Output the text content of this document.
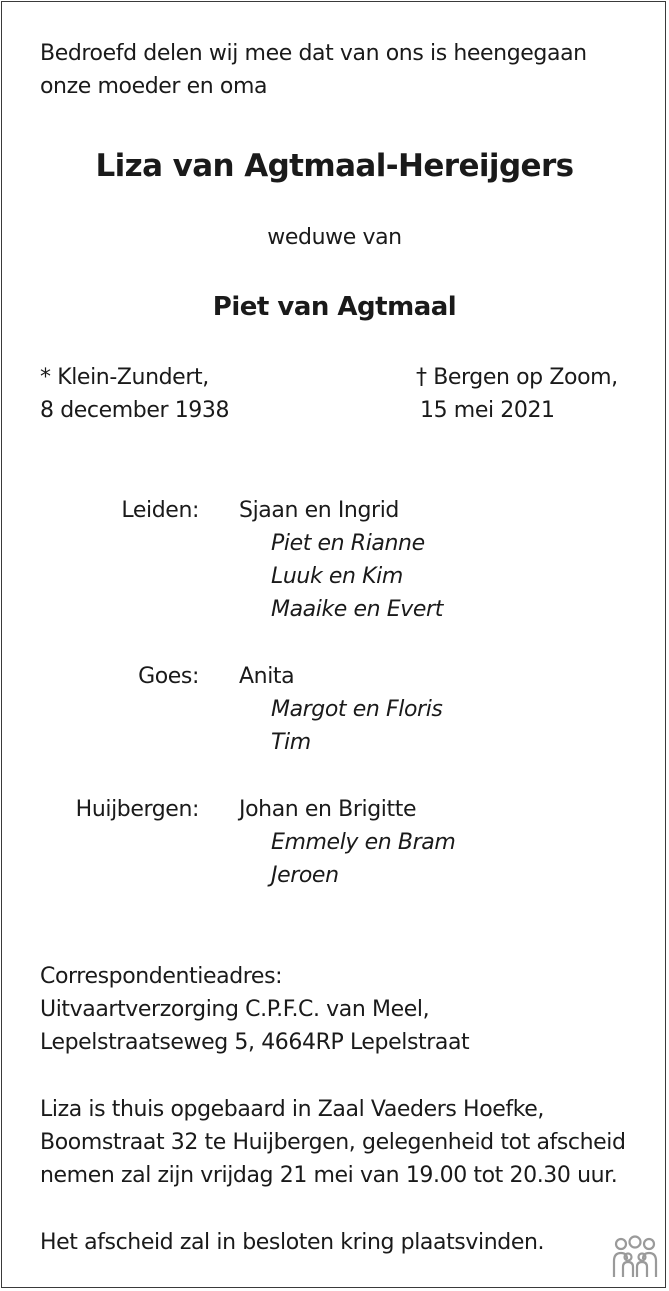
Bedroefd delen wij mee dat van ons is heengegaan
onze moeder en oma
Liza van Agtmaal-Hereijgers
weduwe van
Piet van Agtmaal
* Klein-Zundert,
8 december 1938
† Bergen op Zoom,
15 mei 2021
Leiden: Sjaan en Ingrid
Piet en Rianne
Luuk en Kim
Maaike en Evert
Goes: Anita
Margot en Floris
Tim
Huijbergen: Johan en Brigitte
Emmely en Bram
Jeroen
Correspondentieadres:
Uitvaartverzorging C.P.F.C. van Meel,
Lepelstraatseweg 5, 4664RP Lepelstraat
Liza is thuis opgebaard in Zaal Vaeders Hoefke,
Boomstraat 32 te Huijbergen, gelegenheid tot afscheid
nemen zal zijn vrijdag 21 mei van 19.00 tot 20.30 uur.
Het afscheid zal in besloten kring plaatsvinden.
